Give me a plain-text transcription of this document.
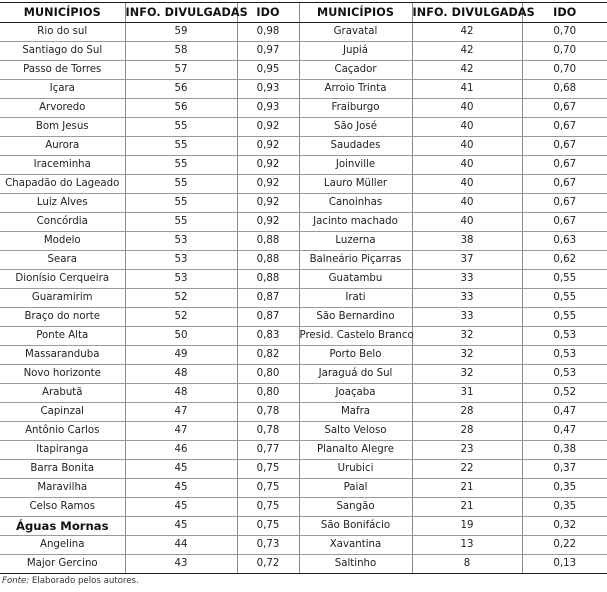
MUNICÍPIOS	INFO. DIVULGADAS	IDO	MUNICÍPIOS	INFO. DIVULGADAS	IDO
Rio do sul	59	0,98	Gravatal	42	0,70
Santiago do Sul	58	0,97	Jupiá	42	0,70
Passo de Torres	57	0,95	Caçador	42	0,70
Içara	56	0,93	Arroio Trinta	41	0,68
Arvoredo	56	0,93	Fraiburgo	40	0,67
Bom Jesus	55	0,92	São José	40	0,67
Aurora	55	0,92	Saudades	40	0,67
Iraceminha	55	0,92	Joinville	40	0,67
Chapadão do Lageado	55	0,92	Lauro Müller	40	0,67
Luiz Alves	55	0,92	Canoinhas	40	0,67
Concórdia	55	0,92	Jacinto machado	40	0,67
Modelo	53	0,88	Luzerna	38	0,63
Seara	53	0,88	Balneário Piçarras	37	0,62
Dionísio Cerqueira	53	0,88	Guatambu	33	0,55
Guaramirim	52	0,87	Irati	33	0,55
Braço do norte	52	0,87	São Bernardino	33	0,55
Ponte Alta	50	0,83	Presid. Castelo Branco	32	0,53
Massaranduba	49	0,82	Porto Belo	32	0,53
Novo horizonte	48	0,80	Jaraguá do Sul	32	0,53
Arabutã	48	0,80	Joaçaba	31	0,52
Capinzal	47	0,78	Mafra	28	0,47
Antônio Carlos	47	0,78	Salto Veloso	28	0,47
Itapiranga	46	0,77	Planalto Alegre	23	0,38
Barra Bonita	45	0,75	Urubici	22	0,37
Maravilha	45	0,75	Paial	21	0,35
Celso Ramos	45	0,75	Sangão	21	0,35
Águas Mornas	45	0,75	São Bonifácio	19	0,32
Angelina	44	0,73	Xavantina	13	0,22
Major Gercino	43	0,72	Saltinho	8	0,13
Fonte: Elaborado pelos autores.
